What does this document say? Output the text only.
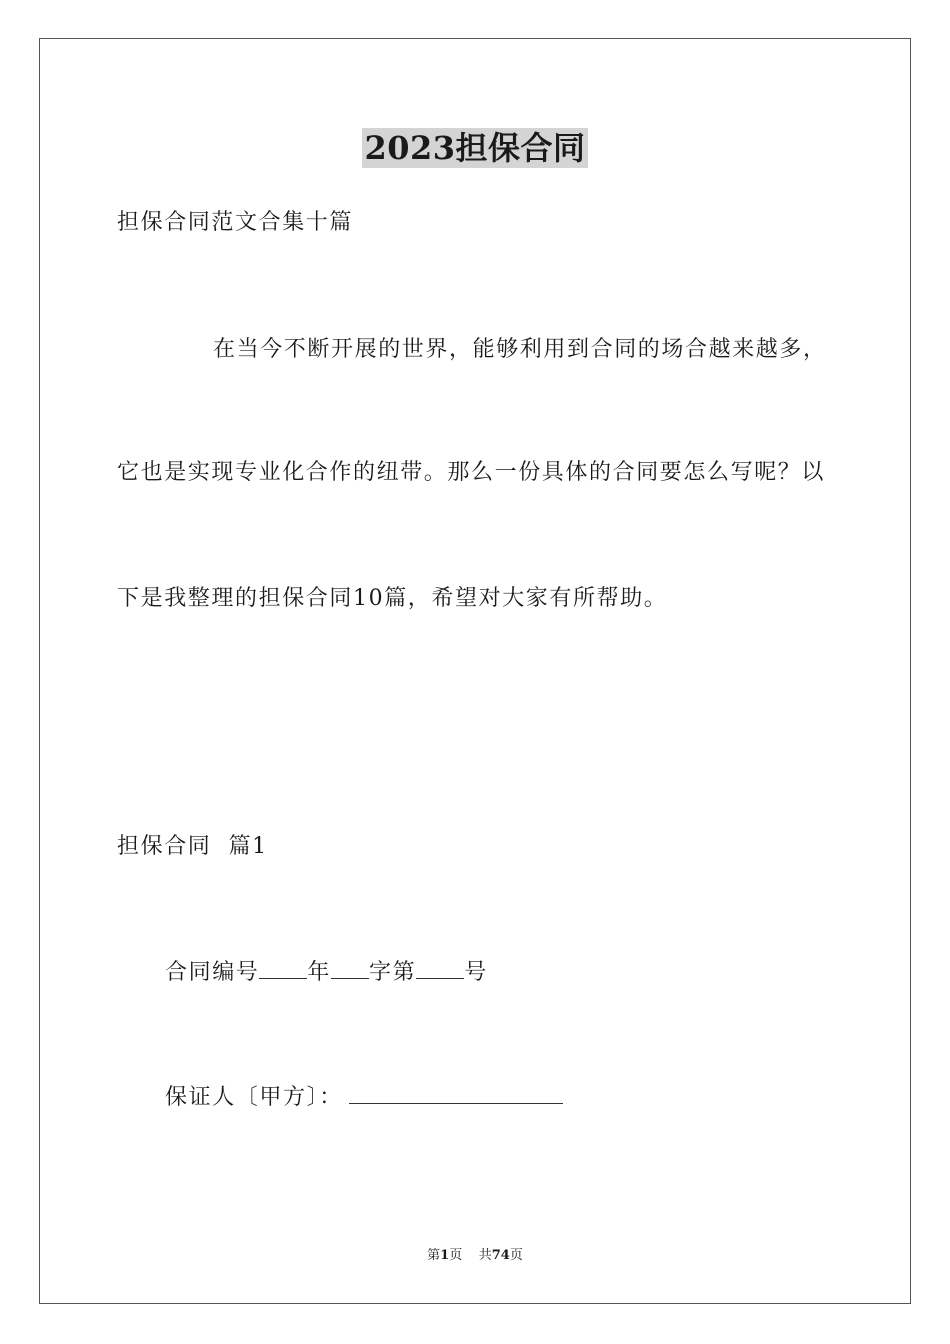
2023担保合同
担保合同范文合集十篇
在当今不断开展的世界，能够利用到合同的场合越来越多，
它也是实现专业化合作的纽带。那么一份具体的合同要怎么写呢？以
下是我整理的担保合同10篇，希望对大家有所帮助。
担保合同  篇1
合同编号 年 字第 号
保证人〔甲方〕：
第1页 共74页
